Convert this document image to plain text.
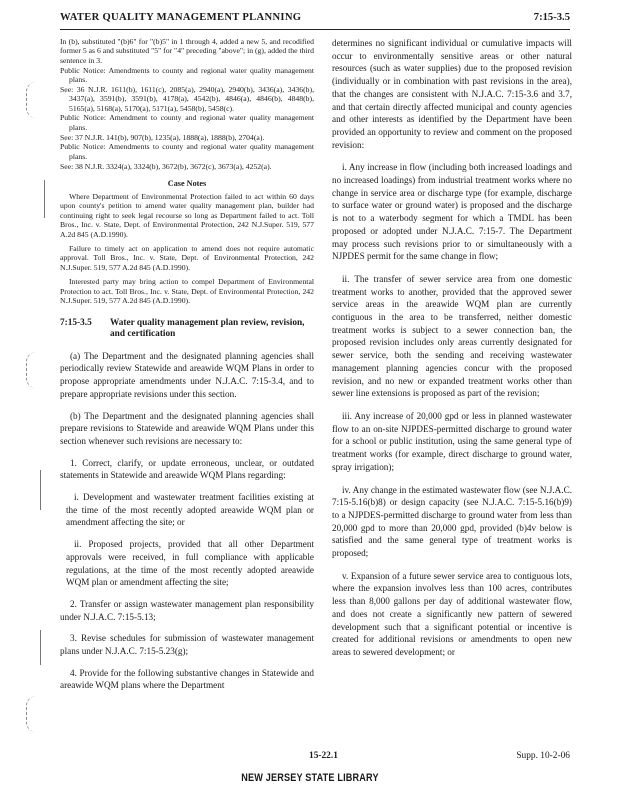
WATER QUALITY MANAGEMENT PLANNING	7:15-3.5

In (b), substituted "(b)6" for "(b)5" in 1 through 4, added a new 5, and recodified former 5 as 6 and substituted "5" for "4" preceding "above"; in (g), added the third sentence in 3.

Public Notice: Amendments to county and regional water quality management plans.

See: 36 N.J.R. 1611(b), 1611(c), 2085(a), 2940(a), 2940(b), 3436(a), 3436(b), 3437(a), 3591(b), 3591(b), 4178(a), 4542(b), 4846(a), 4846(b), 4848(b), 5165(a), 5168(a), 5170(a), 5171(a), 5458(b), 5458(c).

Public Notice: Amendment to county and regional water quality management plans.

See: 37 N.J.R. 141(b), 907(b), 1235(a), 1888(a), 1888(b), 2704(a).

Public Notice: Amendments to county and regional water quality management plans.

See: 38 N.J.R. 3324(a), 3324(b), 3672(b), 3672(c), 3673(a), 4252(a).

Case Notes

Where Department of Environmental Protection failed to act within 60 days upon county's petition to amend water quality management plan, builder had continuing right to seek legal recourse so long as Department failed to act. Toll Bros., Inc. v. State, Dept. of Environmental Protection, 242 N.J.Super. 519, 577 A.2d 845 (A.D.1990).

Failure to timely act on application to amend does not require automatic approval. Toll Bros., Inc. v. State, Dept. of Environmental Protection, 242 N.J.Super. 519, 577 A.2d 845 (A.D.1990).

Interested party may bring action to compel Department of Environmental Protection to act. Toll Bros., Inc. v. State, Dept. of Environmental Protection, 242 N.J.Super. 519, 577 A.2d 845 (A.D.1990).

7:15-3.5	Water quality management plan review, revision, and certification

(a) The Department and the designated planning agencies shall periodically review Statewide and areawide WQM Plans in order to propose appropriate amendments under N.J.A.C. 7:15-3.4, and to prepare appropriate revisions under this section.

(b) The Department and the designated planning agencies shall prepare revisions to Statewide and areawide WQM Plans under this section whenever such revisions are necessary to:

1. Correct, clarify, or update erroneous, unclear, or outdated statements in Statewide and areawide WQM Plans regarding:

i. Development and wastewater treatment facilities existing at the time of the most recently adopted areawide WQM plan or amendment affecting the site; or

ii. Proposed projects, provided that all other Department approvals were received, in full compliance with applicable regulations, at the time of the most recently adopted areawide WQM plan or amendment affecting the site;

2. Transfer or assign wastewater management plan responsibility under N.J.A.C. 7:15-5.13;

3. Revise schedules for submission of wastewater management plans under N.J.A.C. 7:15-5.23(g);

4. Provide for the following substantive changes in Statewide and areawide WQM plans where the Department

determines no significant individual or cumulative impacts will occur to environmentally sensitive areas or other natural resources (such as water supplies) due to the proposed revision (individually or in combination with past revisions in the area), that the changes are consistent with N.J.A.C. 7:15-3.6 and 3.7, and that certain directly affected municipal and county agencies and other interests as identified by the Department have been provided an opportunity to review and comment on the proposed revision:

i. Any increase in flow (including both increased loadings and no increased loadings) from industrial treatment works where no change in service area or discharge type (for example, discharge to surface water or ground water) is proposed and the discharge is not to a waterbody segment for which a TMDL has been proposed or adopted under N.J.A.C. 7:15-7. The Department may process such revisions prior to or simultaneously with a NJPDES permit for the same change in flow;

ii. The transfer of sewer service area from one domestic treatment works to another, provided that the approved sewer service areas in the areawide WQM plan are currently contiguous in the area to be transferred, neither domestic treatment works is subject to a sewer connection ban, the proposed revision includes only areas currently designated for sewer service, both the sending and receiving wastewater management planning agencies concur with the proposed revision, and no new or expanded treatment works other than sewer line extensions is proposed as part of the revision;

iii. Any increase of 20,000 gpd or less in planned wastewater flow to an on-site NJPDES-permitted discharge to ground water for a school or public institution, using the same general type of treatment works (for example, direct discharge to ground water, spray irrigation);

iv. Any change in the estimated wastewater flow (see N.J.A.C. 7:15-5.16(b)8) or design capacity (see N.J.A.C. 7:15-5.16(b)9) to a NJPDES-permitted discharge to ground water from less than 20,000 gpd to more than 20,000 gpd, provided (b)4v below is satisfied and the same general type of treatment works is proposed;

v. Expansion of a future sewer service area to contiguous lots, where the expansion involves less than 100 acres, contributes less than 8,000 gallons per day of additional wastewater flow, and does not create a significantly new pattern of sewered development such that a significant potential or incentive is created for additional revisions or amendments to open new areas to sewered development; or

15-22.1	Supp. 10-2-06
NEW JERSEY STATE LIBRARY
